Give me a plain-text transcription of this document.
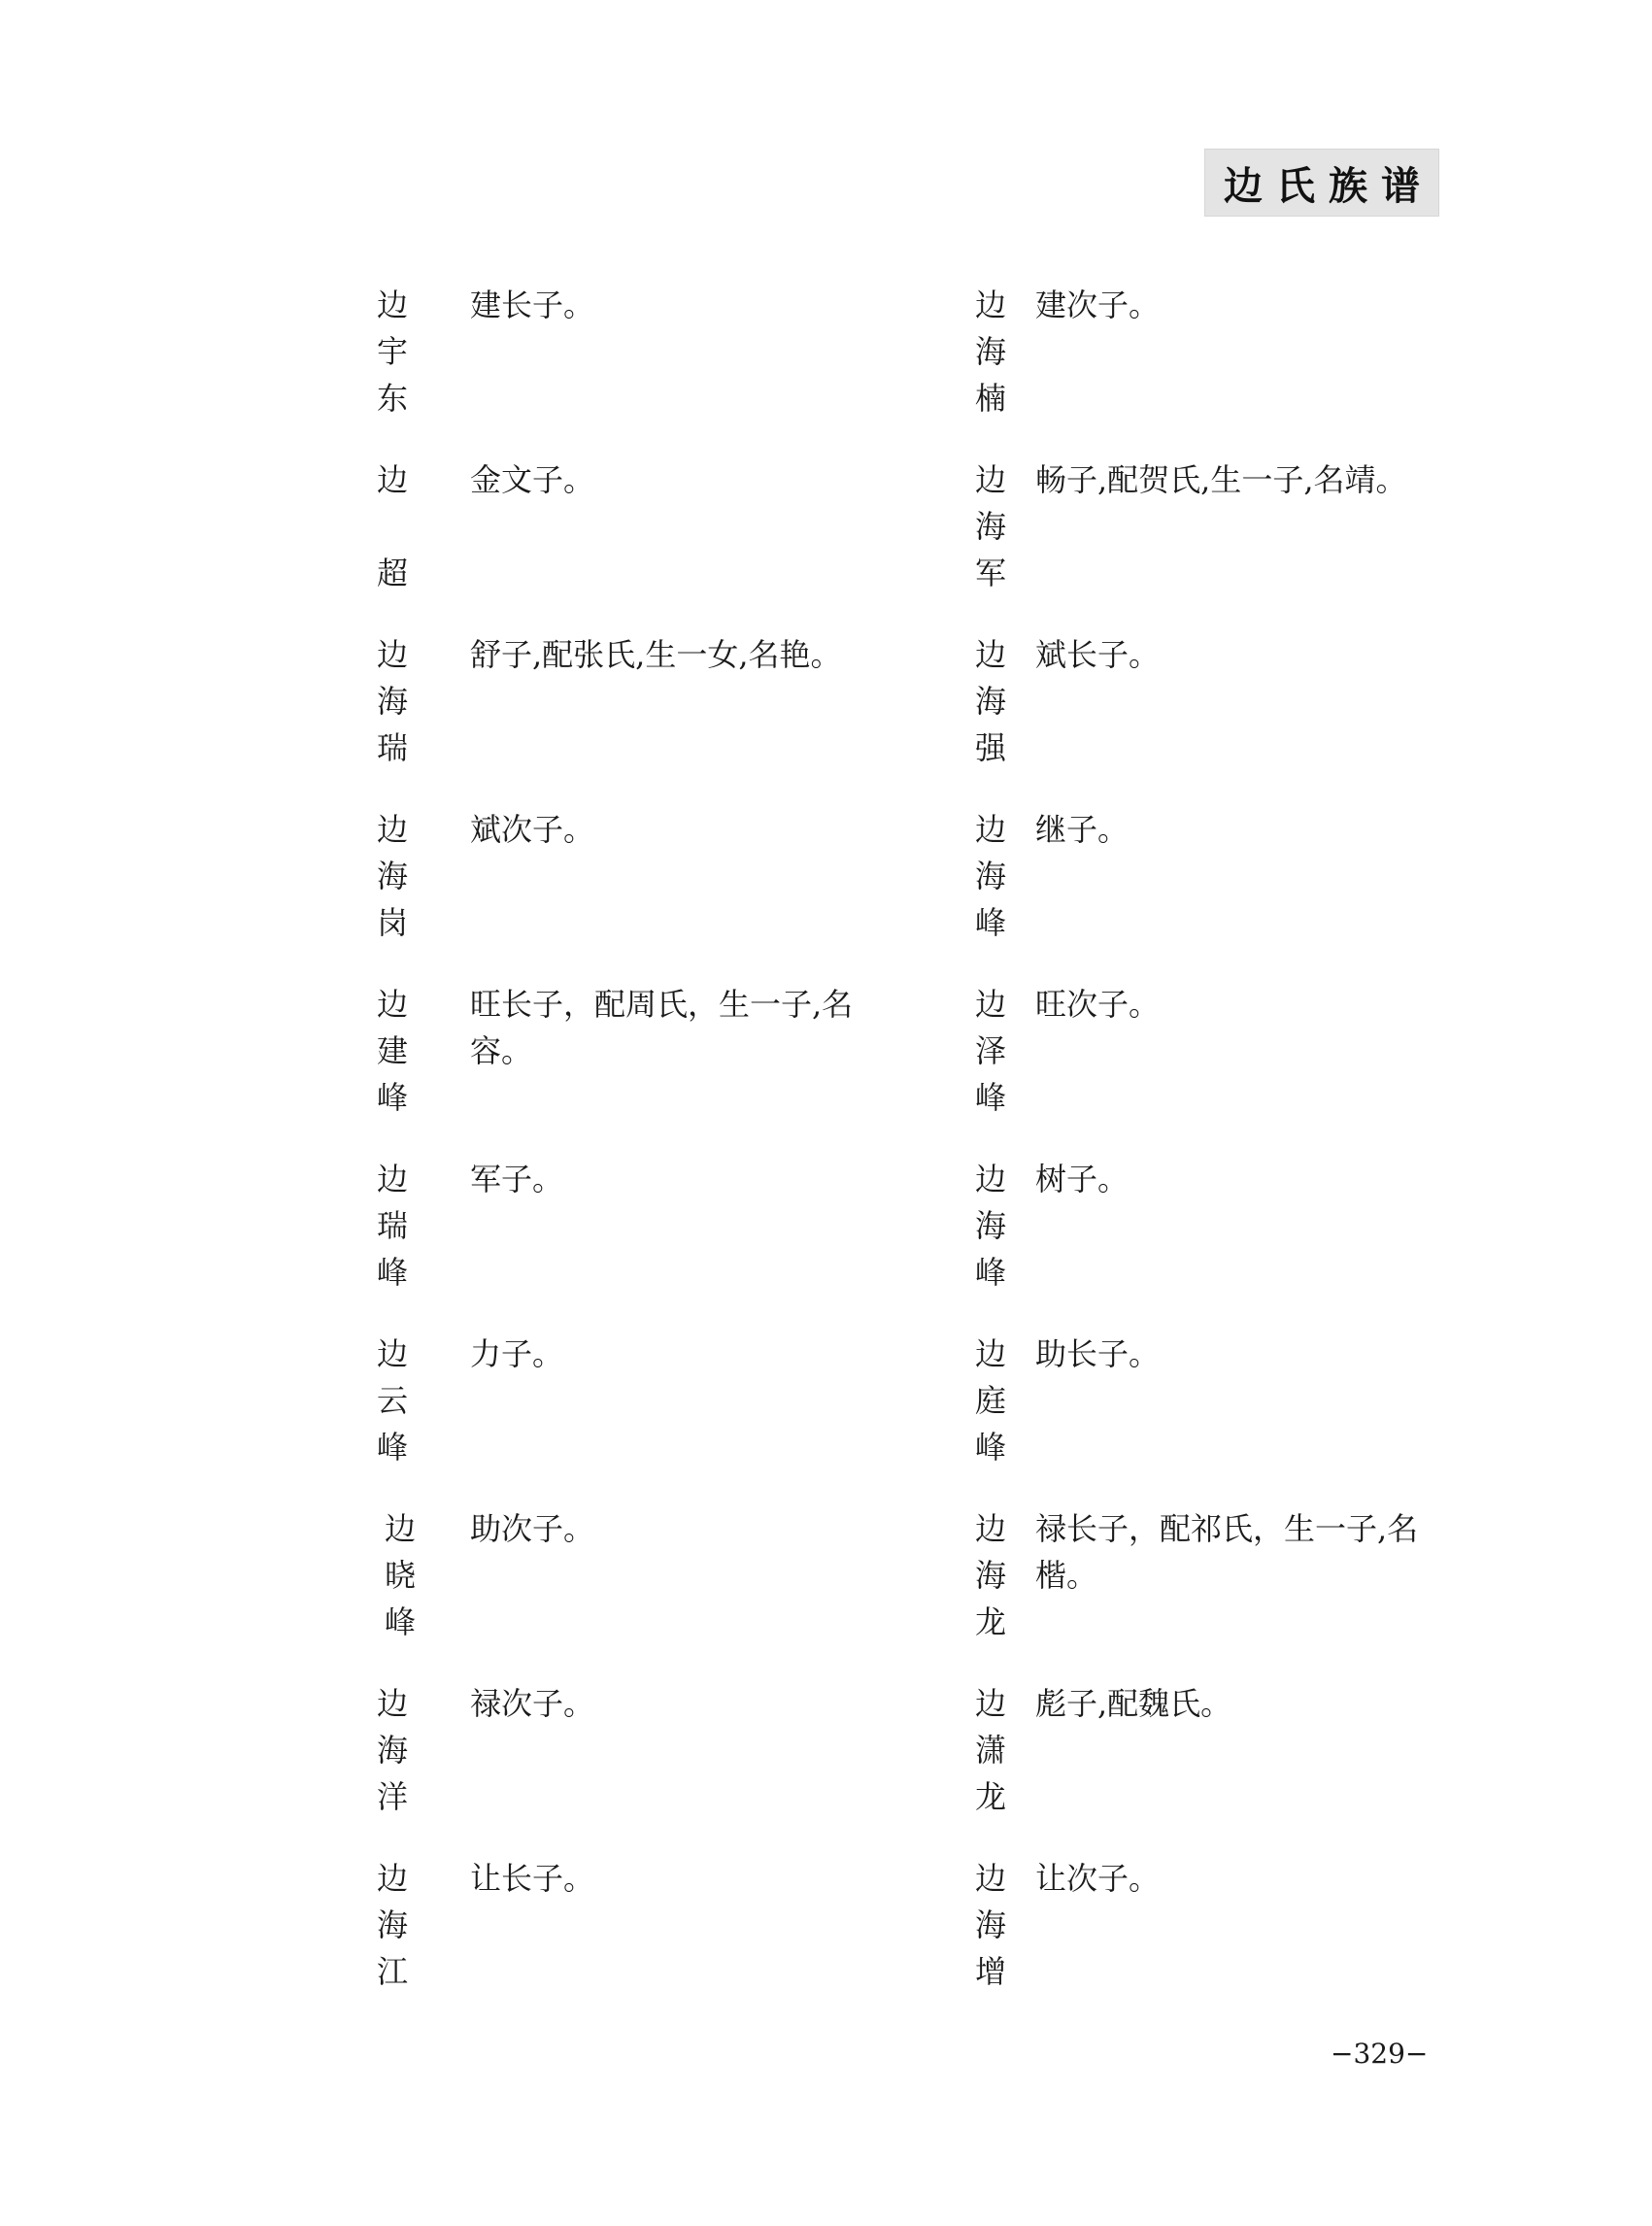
边氏族谱
边
宇
东
建长子。
边
超
金文子。
边
海
瑞
舒子,配张氏,生一女,名艳。
边
海
岗
斌次子。
边
建
峰
旺长子，配周氏，生一子,名容。
边
瑞
峰
军子。
边
云
峰
力子。
边
晓
峰
助次子。
边
海
洋
禄次子。
边
海
江
让长子。
边
海
楠
建次子。
边
海
军
畅子,配贺氏,生一子,名靖。
边
海
强
斌长子。
边
海
峰
继子。
边
泽
峰
旺次子。
边
海
峰
树子。
边
庭
峰
助长子。
边
海
龙
禄长子，配祁氏，生一子,名楷。
边
潇
龙
彪子,配魏氏。
边
海
增
让次子。
−329−
